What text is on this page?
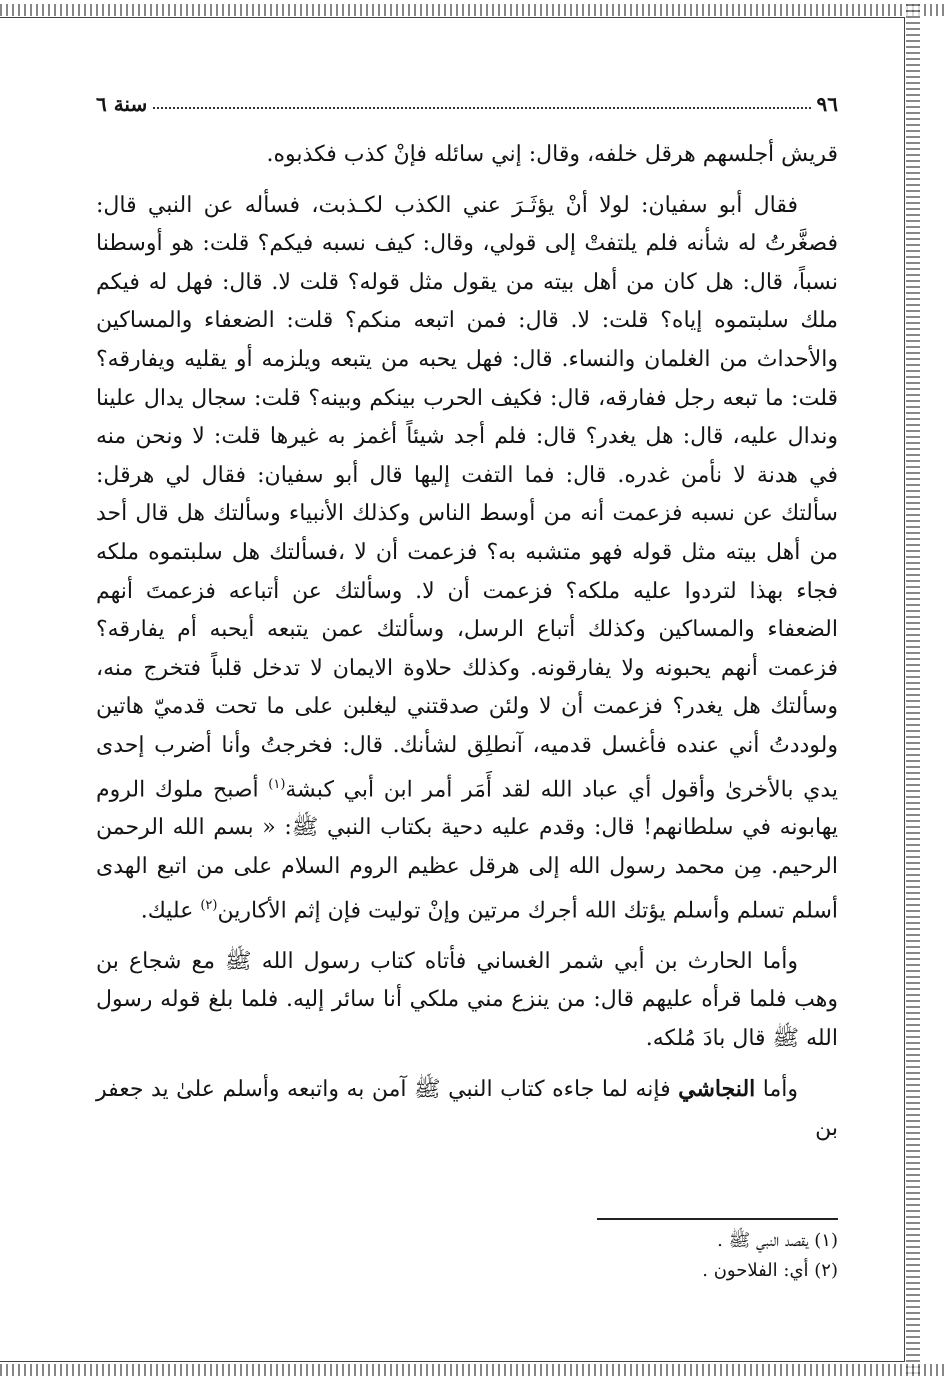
٩٦
سنة ٦

قريش أجلسهم هرقل خلفه، وقال: إني سائله فإنْ كذب فكذبوه.

فقال أبو سفيان: لولا أنْ يؤثَـرَ عني الكذب لكـذبت، فسأله عن النبي قال: فصغَّرتُ له شأنه فلم يلتفتْ إلى قولي، وقال: كيف نسبه فيكم؟ قلت: هو أوسطنا نسباً، قال: هل كان من أهل بيته من يقول مثل قوله؟ قلت لا. قال: فهل له فيكم ملك سلبتموه إياه؟ قلت: لا. قال: فمن اتبعه منكم؟ قلت: الضعفاء والمساكين والأحداث من الغلمان والنساء. قال: فهل يحبه من يتبعه ويلزمه أو يقليه ويفارقه؟ قلت: ما تبعه رجل ففارقه، قال: فكيف الحرب بينكم وبينه؟ قلت: سجال يدال علينا وندال عليه، قال: هل يغدر؟ قال: فلم أجد شيئاً أغمز به غيرها قلت: لا ونحن منه في هدنة لا نأمن غدره. قال: فما التفت إليها قال أبو سفيان: فقال لي هرقل: سألتك عن نسبه فزعمت أنه من أوسط الناس وكذلك الأنبياء وسألتك هل قال أحد من أهل بيته مثل قوله فهو متشبه به؟ فزعمت أن لا ،فسألتك هل سلبتموه ملكه فجاء بهذا لتردوا عليه ملكه؟ فزعمت أن لا. وسألتك عن أتباعه فزعمتَ أنهم الضعفاء والمساكين وكذلك أتباع الرسل، وسألتك عمن يتبعه أيحبه أم يفارقه؟ فزعمت أنهم يحبونه ولا يفارقونه. وكذلك حلاوة الايمان لا تدخل قلباً فتخرج منه، وسألتك هل يغدر؟ فزعمت أن لا ولئن صدقتني ليغلبن على ما تحت قدميّ هاتين ولوددتُ أني عنده فأغسل قدميه، آنطلِق لشأنك. قال: فخرجتُ وأنا أضرب إحدى يدي بالأخرىٰ وأقول أي عباد الله لقد أَمَر أمر ابن أبي كبشة$^{(١)}$ أصبح ملوك الروم يهابونه في سلطانهم! قال: وقدم عليه دحية بكتاب النبي ﷺ: « بسم الله الرحمن الرحيم. مِن محمد رسول الله إلى هرقل عظيم الروم السلام على من اتبع الهدى أسلم تسلم وأسلم يؤتك الله أجرك مرتين وإنْ توليت فإن إثم الأكارين$^{(٢)}$ عليك.

وأما الحارث بن أبي شمر الغساني فأتاه كتاب رسول الله ﷺ مع شجاع بن وهب فلما قرأه عليهم قال: من ينزع مني ملكي أنا سائر إليه. فلما بلغ قوله رسول الله ﷺ قال بادَ مُلكه.

وأما النجاشي فإنه لما جاءه كتاب النبي ﷺ آمن به واتبعه وأسلم علىٰ يد جعفر بن

(١) يقصد النبي ﷺ .
(٢) أي: الفلاحون .
